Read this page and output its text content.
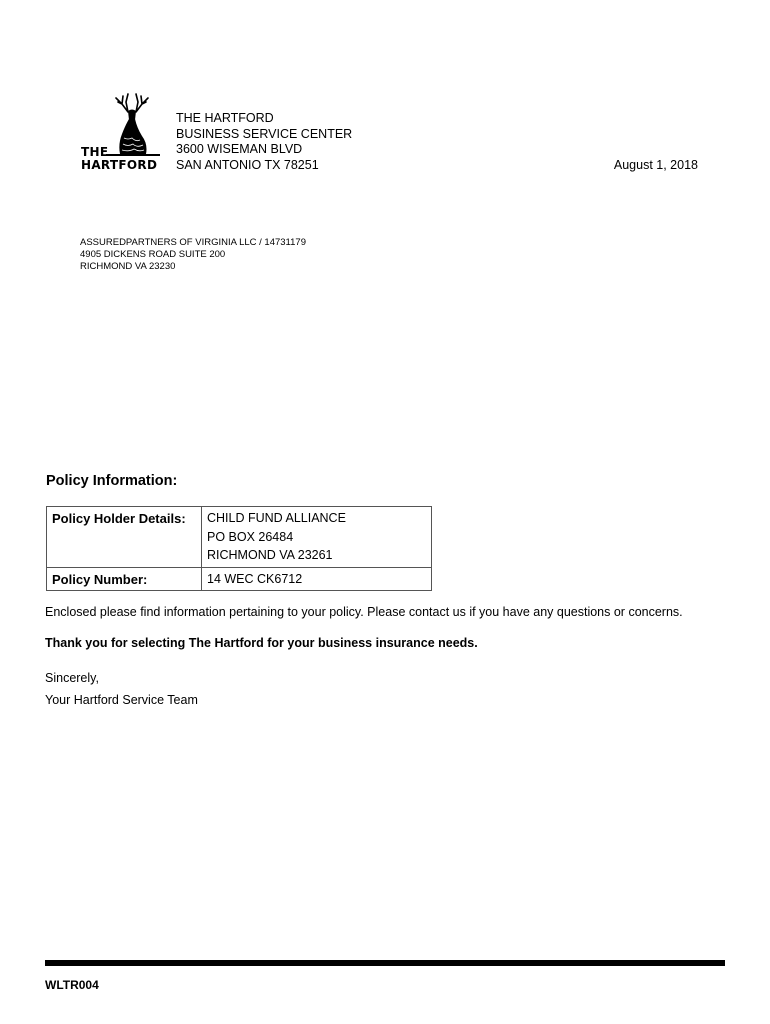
THE
HARTFORD
THE HARTFORD
BUSINESS SERVICE CENTER
3600 WISEMAN BLVD
SAN ANTONIO TX 78251	August 1, 2018
ASSUREDPARTNERS OF VIRGINIA LLC / 14731179
4905 DICKENS ROAD SUITE 200
RICHMOND VA 23230
Policy Information:
Policy Holder Details:	CHILD FUND ALLIANCE
PO BOX 26484
RICHMOND VA 23261

Policy Number:	14 WEC CK6712
Enclosed please find information pertaining to your policy. Please contact us if you have any questions or concerns.
Thank you for selecting The Hartford for your business insurance needs.
Sincerely,
Your Hartford Service Team
WLTR004
